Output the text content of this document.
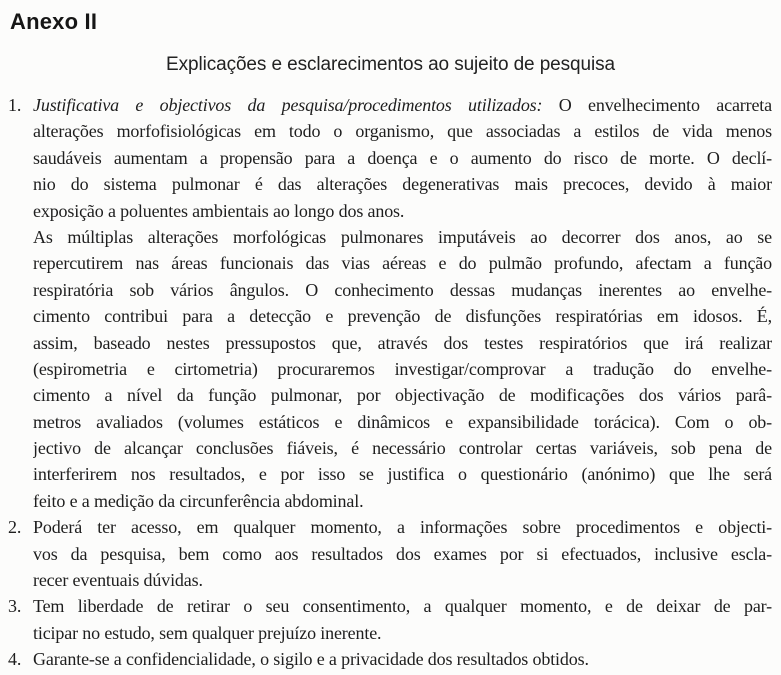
Anexo II
Explicações e esclarecimentos ao sujeito de pesquisa
1. Justificativa e objectivos da pesquisa/procedimentos utilizados: O envelhecimento acarreta
alterações morfofisiológicas em todo o organismo, que associadas a estilos de vida menos
saudáveis aumentam a propensão para a doença e o aumento do risco de morte. O declí-
nio do sistema pulmonar é das alterações degenerativas mais precoces, devido à maior
exposição a poluentes ambientais ao longo dos anos.
As múltiplas alterações morfológicas pulmonares imputáveis ao decorrer dos anos, ao se
repercutirem nas áreas funcionais das vias aéreas e do pulmão profundo, afectam a função
respiratória sob vários ângulos. O conhecimento dessas mudanças inerentes ao envelhe-
cimento contribui para a detecção e prevenção de disfunções respiratórias em idosos. É,
assim, baseado nestes pressupostos que, através dos testes respiratórios que irá realizar
(espirometria e cirtometria) procuraremos investigar/comprovar a tradução do envelhe-
cimento a nível da função pulmonar, por objectivação de modificações dos vários parâ-
metros avaliados (volumes estáticos e dinâmicos e expansibilidade torácica). Com o ob-
jectivo de alcançar conclusões fiáveis, é necessário controlar certas variáveis, sob pena de
interferirem nos resultados, e por isso se justifica o questionário (anónimo) que lhe será
feito e a medição da circunferência abdominal.
2. Poderá ter acesso, em qualquer momento, a informações sobre procedimentos e objecti-
vos da pesquisa, bem como aos resultados dos exames por si efectuados, inclusive escla-
recer eventuais dúvidas.
3. Tem liberdade de retirar o seu consentimento, a qualquer momento, e de deixar de par-
ticipar no estudo, sem qualquer prejuízo inerente.
4. Garante-se a confidencialidade, o sigilo e a privacidade dos resultados obtidos.
